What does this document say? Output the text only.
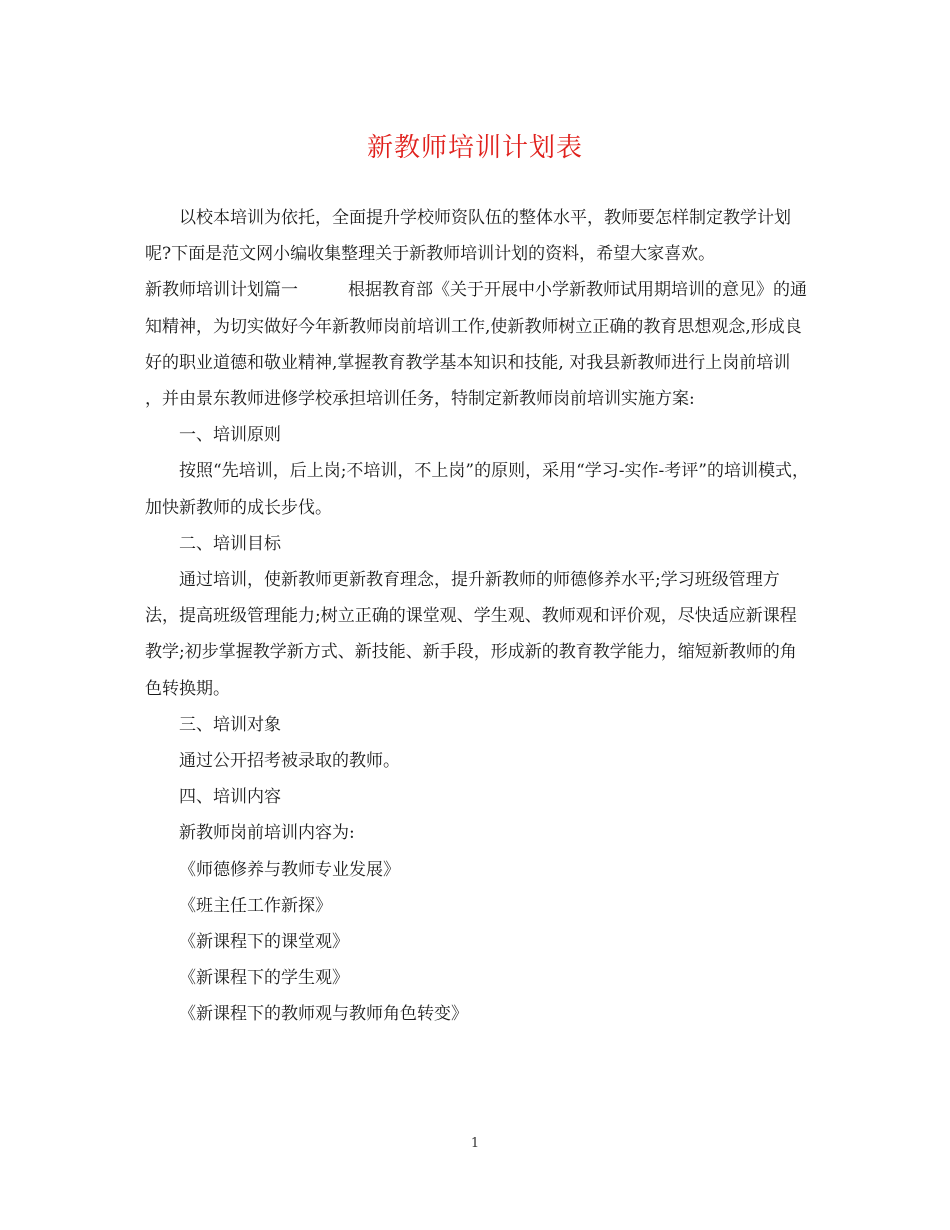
新教师培训计划表

以校本培训为依托，全面提升学校师资队伍的整体水平，教师要怎样制定教学计划呢?下面是范文网小编收集整理关于新教师培训计划的资料，希望大家喜欢。

新教师培训计划篇一	根据教育部《关于开展中小学新教师试用期培训的意见》的通知精神，为切实做好今年新教师岗前培训工作,使新教师树立正确的教育思想观念,形成良好的职业道德和敬业精神,掌握教育教学基本知识和技能, 对我县新教师进行上岗前培训 ，并由景东教师进修学校承担培训任务，特制定新教师岗前培训实施方案:

一、培训原则

按照“先培训，后上岗;不培训，不上岗”的原则，采用“学习-实作-考评”的培训模式，加快新教师的成长步伐。

二、培训目标

通过培训，使新教师更新教育理念，提升新教师的师德修养水平;学习班级管理方法，提高班级管理能力;树立正确的课堂观、学生观、教师观和评价观，尽快适应新课程教学;初步掌握教学新方式、新技能、新手段，形成新的教育教学能力，缩短新教师的角色转换期。

三、培训对象

通过公开招考被录取的教师。

四、培训内容

新教师岗前培训内容为:

《师德修养与教师专业发展》

《班主任工作新探》

《新课程下的课堂观》

《新课程下的学生观》

《新课程下的教师观与教师角色转变》

1
